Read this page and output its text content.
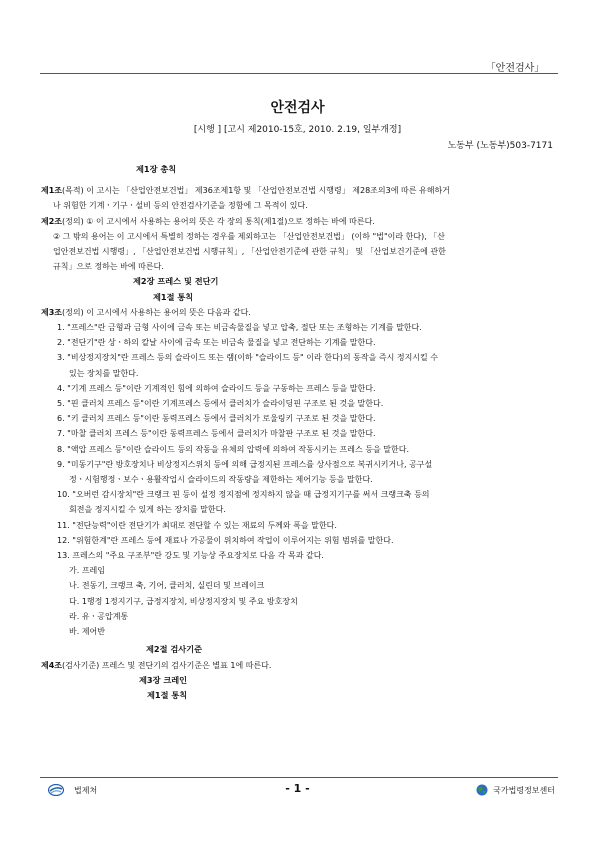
「안전검사」
안전검사
[시행 ] [고시 제2010-15호, 2010. 2.19, 일부개정]
노동부 (노동부)503-7171

제1장 총칙

제1조(목적) 이 고시는 「산업안전보건법」 제36조제1항 및 「산업안전보건법 시행령」 제28조의3에 따른 유해하거

나 위험한 기계ㆍ기구ㆍ설비 등의 안전검사기준을 정함에 그 목적이 있다.

제2조(정의) ① 이 고시에서 사용하는 용어의 뜻은 각 장의 통칙(제1절)으로 정하는 바에 따른다.

② 그 밖의 용어는 이 고시에서 특별히 정하는 경우를 제외하고는 「산업안전보건법」 (이하 "법"이라 한다), 「산

업안전보건법 시행령」, 「산업안전보건법 시행규칙」, 「산업안전기준에 관한 규칙」 및 「산업보건기준에 관한

규칙」으로 정하는 바에 따른다.

제2장 프레스 및 전단기

제1절 통칙

제3조(정의) 이 고시에서 사용하는 용어의 뜻은 다음과 같다.

1. "프레스"란 금형과 금형 사이에 금속 또는 비금속물질을 넣고 압축, 절단 또는 조형하는 기계를 말한다.

2. "전단기"란 상ㆍ하의 칼날 사이에 금속 또는 비금속 물질을 넣고 전단하는 기계를 말한다.

3. "비상정지장치"란 프레스 등의 슬라이드 또는 램(이하 "슬라이드 등" 이라 한다)의 동작을 즉시 정지시킬 수

있는 장치를 말한다.

4. "기계 프레스 등"이란 기계적인 힘에 의하여 슬라이드 등을 구동하는 프레스 등을 말한다.

5. "핀 클러치 프레스 등"이란 기계프레스 등에서 클러치가 슬라이딩핀 구조로 된 것을 말한다.

6. "키 클러치 프레스 등"이란 동력프레스 등에서 클러치가 로울링키 구조로 된 것을 말한다.

7. "마찰 클러치 프레스 등"이란 동력프레스 등에서 클러치가 마찰판 구조로 된 것을 말한다.

8. "액압 프레스 등"이란 슬라이드 등의 작동을 유체의 압력에 의하여 작동시키는 프레스 등을 말한다.

9. "미동기구"란 방호장치나 비상정지스위치 등에 의해 급정지된 프레스를 상사점으로 복귀시키거나, 공구설

정ㆍ시험행정ㆍ보수ㆍ용활작업시 슬라이드의 작동량을 제한하는 제어기능 등을 말한다.

10. "오버런 감시장치"란 크랭크 핀 등이 설정 정지점에 정지하지 않을 때 급정지기구를 써서 크랭크축 등의

회전을 정지시킬 수 있게 하는 장치를 말한다.

11. "전단능력"이란 전단기가 최대로 전단할 수 있는 재료의 두께와 폭을 말한다.

12. "위험한계"란 프레스 등에 재료나 가공물이 위치하여 작업이 이루어지는 위험 범위를 말한다.

13. 프레스의 "주요 구조부"란 강도 및 기능상 주요장치로 다음 각 목과 같다.

가. 프레임

나. 전동기, 크랭크 축, 기어, 클러치, 실린더 및 브레이크

다. 1행정 1정지기구, 급정지장치, 비상정지장치 및 주요 방호장치

라. 유ㆍ공압계통

바. 제어반

제2절 검사기준

제4조(검사기준) 프레스 및 전단기의 검사기준은 별표 1에 따른다.

제3장 크레인

제1절 통칙

법제처	- 1 -	국가법령정보센터
